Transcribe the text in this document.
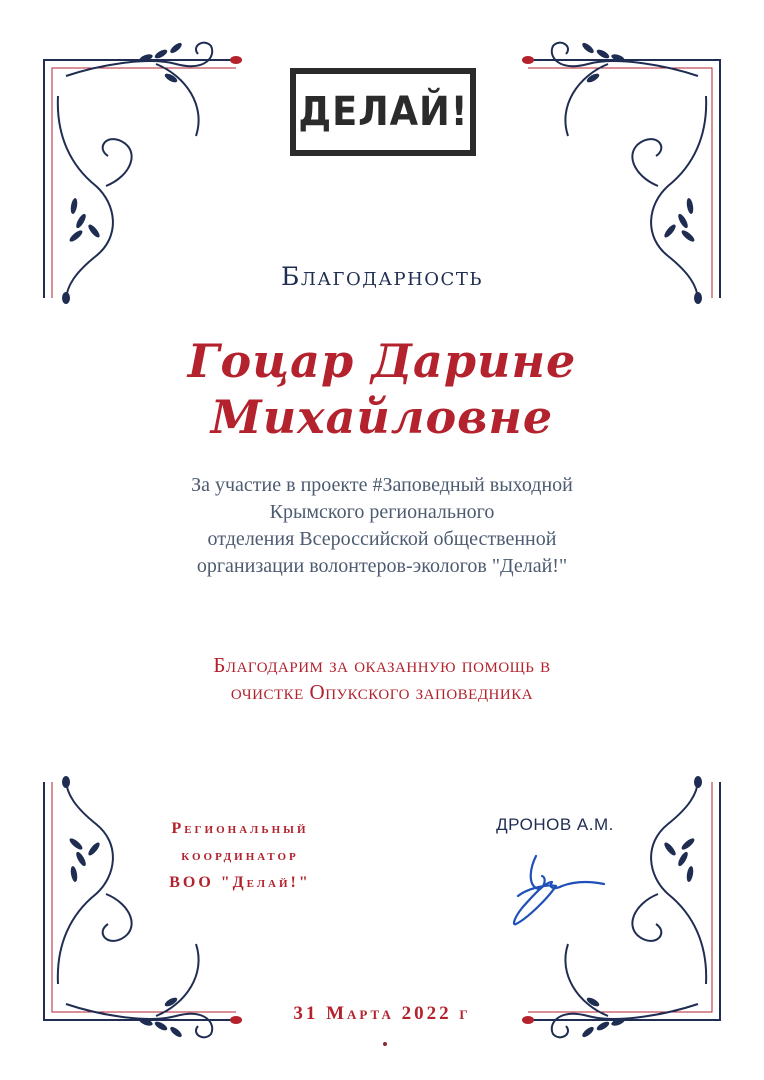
ДЕЛАЙ!
Благодарность
Гоцар Дарине
Михайловне
За участие в проекте #Заповедный выходной
Крымского регионального
отделения Всероссийской общественной
организации волонтеров-экологов "Делай!"
Благодарим за оказанную помощь в
очистке Опукского заповедника
Региональный
координатор
ВОО "Делай!"
ДРОНОВ А.М.
31 Марта 2022 г
